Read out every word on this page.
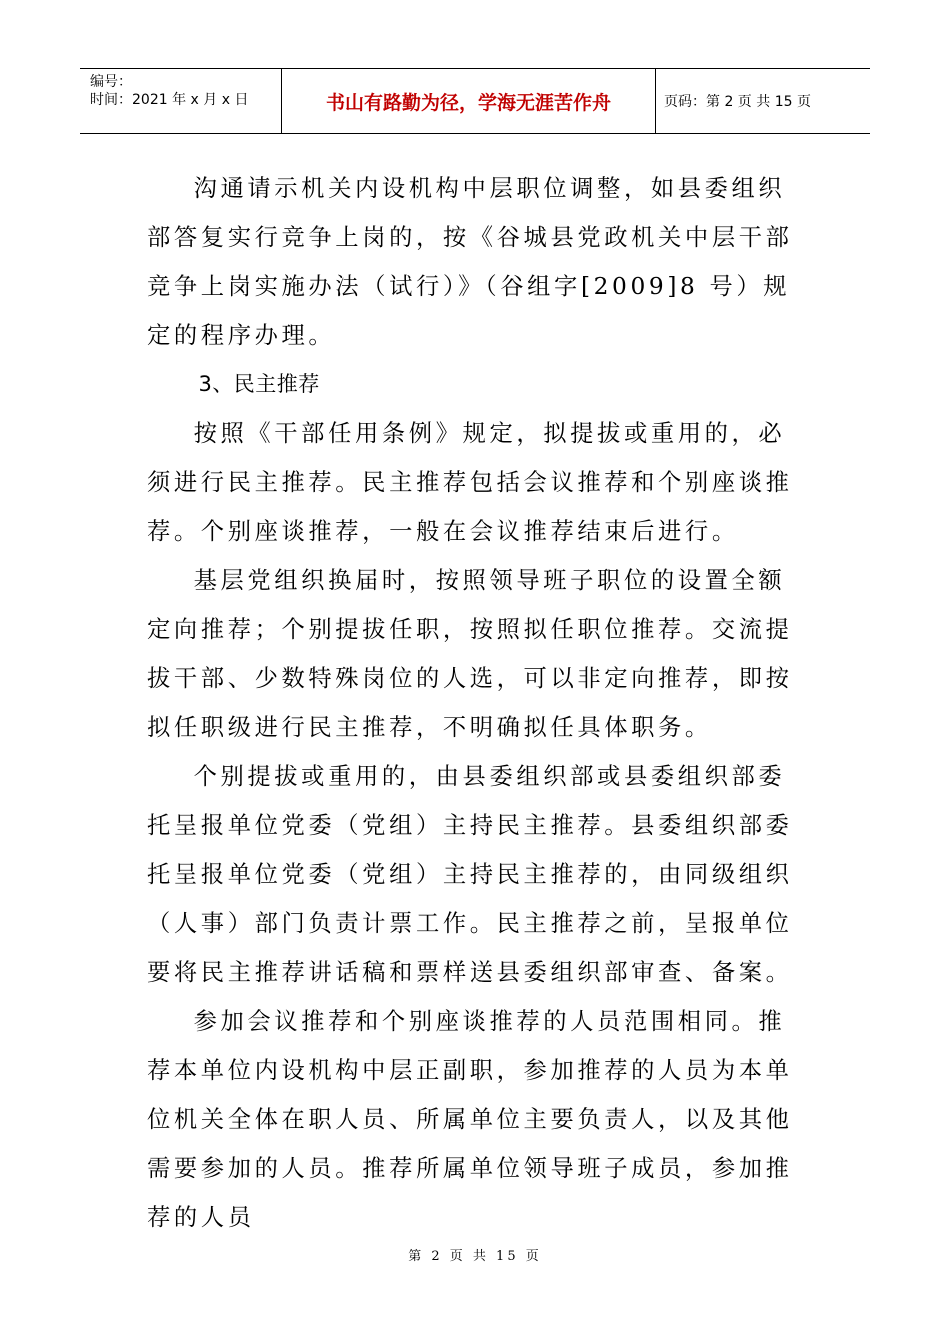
编号：
时间：2021 年 x 月 x 日	书山有路勤为径，学海无涯苦作舟	页码：第 2 页 共 15 页

沟通请示机关内设机构中层职位调整，如县委组织部答复实行竞争上岗的，按《谷城县党政机关中层干部竞争上岗实施办法（试行）》（谷组字[2009]8 号）规定的程序办理。

3、民主推荐

按照《干部任用条例》规定，拟提拔或重用的，必须进行民主推荐。民主推荐包括会议推荐和个别座谈推荐。个别座谈推荐，一般在会议推荐结束后进行。

基层党组织换届时，按照领导班子职位的设置全额定向推荐；个别提拔任职，按照拟任职位推荐。交流提拔干部、少数特殊岗位的人选，可以非定向推荐，即按拟任职级进行民主推荐，不明确拟任具体职务。

个别提拔或重用的，由县委组织部或县委组织部委托呈报单位党委（党组）主持民主推荐。县委组织部委托呈报单位党委（党组）主持民主推荐的，由同级组织（人事）部门负责计票工作。民主推荐之前，呈报单位要将民主推荐讲话稿和票样送县委组织部审查、备案。

参加会议推荐和个别座谈推荐的人员范围相同。推荐本单位内设机构中层正副职，参加推荐的人员为本单位机关全体在职人员、所属单位主要负责人，以及其他需要参加的人员。推荐所属单位领导班子成员，参加推荐的人员

第 2 页 共 15 页
